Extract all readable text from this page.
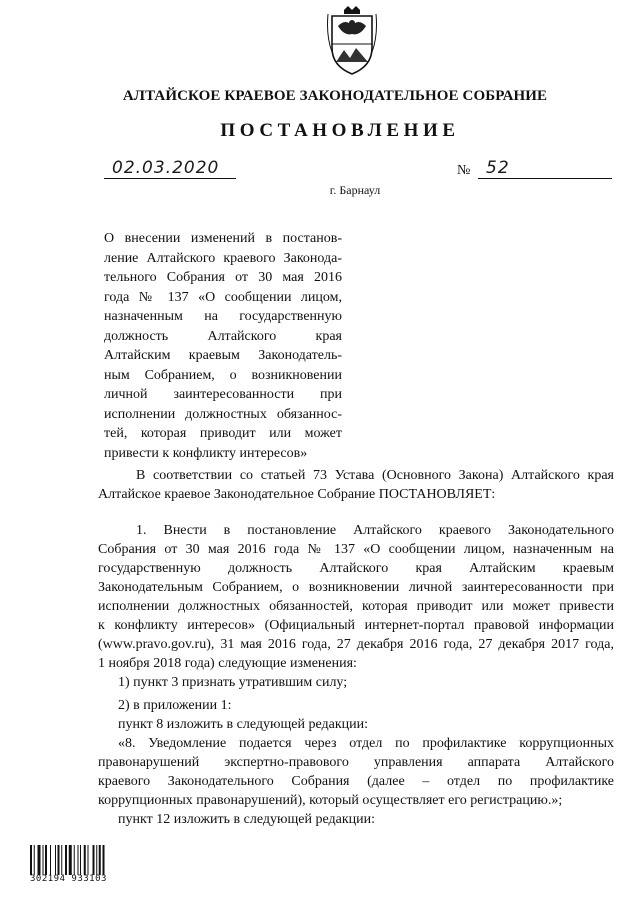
АЛТАЙСКОЕ КРАЕВОЕ ЗАКОНОДАТЕЛЬНОЕ СОБРАНИЕ
ПОСТАНОВЛЕНИЕ
02.03.2020	№ 52
г. Барнаул
О внесении изменений в постанов-
ление Алтайского краевого Законода-
тельного Собрания от 30 мая 2016
года № 137 «О сообщении лицом,
назначенным на государственную
должность Алтайского края
Алтайским краевым Законодатель-
ным Собранием, о возникновении
личной заинтересованности при
исполнении должностных обязаннос-
тей, которая приводит или может
привести к конфликту интересов»
В соответствии со статьей 73 Устава (Основного Закона) Алтайского края
Алтайское краевое Законодательное Собрание ПОСТАНОВЛЯЕТ:
1. Внести в постановление Алтайского краевого Законодательного
Собрания от 30 мая 2016 года № 137 «О сообщении лицом, назначенным на
государственную должность Алтайского края Алтайским краевым
Законодательным Собранием, о возникновении личной заинтересованности при
исполнении должностных обязанностей, которая приводит или может привести
к конфликту интересов» (Официальный интернет-портал правовой информации
(www.pravo.gov.ru), 31 мая 2016 года, 27 декабря 2016 года, 27 декабря 2017 года,
1 ноября 2018 года) следующие изменения:
1) пункт 3 признать утратившим силу;
2) в приложении 1:
пункт 8 изложить в следующей редакции:
«8. Уведомление подается через отдел по профилактике коррупционных
правонарушений экспертно-правового управления аппарата Алтайского
краевого Законодательного Собрания (далее – отдел по профилактике
коррупционных правонарушений), который осуществляет его регистрацию.»;
пункт 12 изложить в следующей редакции:
302194 933103
